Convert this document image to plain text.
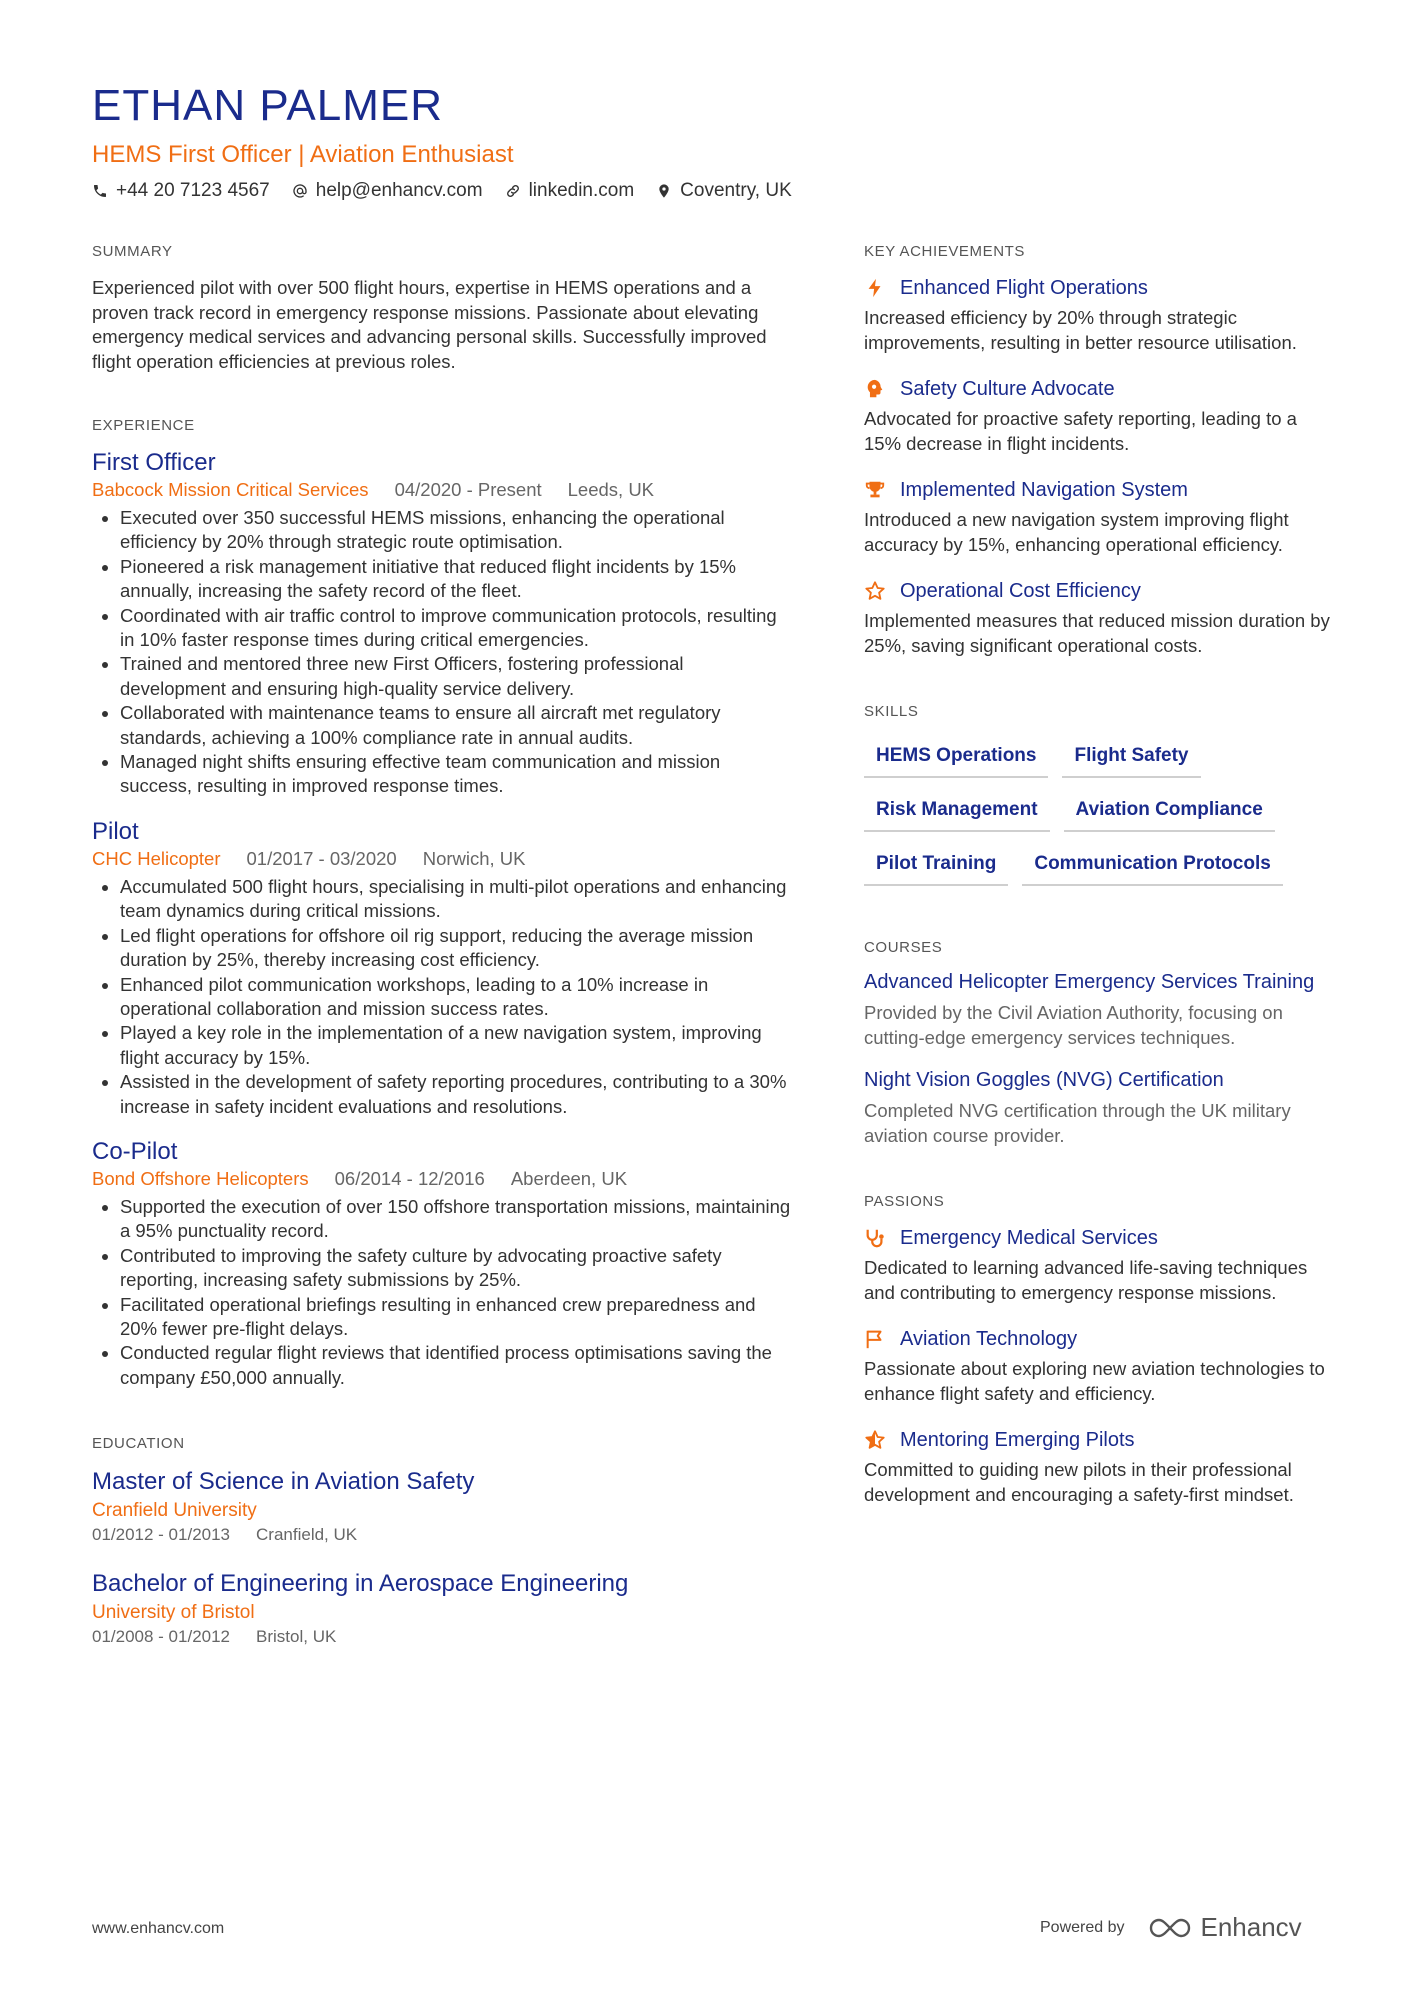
ETHAN PALMER
HEMS First Officer | Aviation Enthusiast
+44 20 7123 4567 help@enhancv.com linkedin.com Coventry, UK
SUMMARY
Experienced pilot with over 500 flight hours, expertise in HEMS operations and a proven track record in emergency response missions. Passionate about elevating emergency medical services and advancing personal skills. Successfully improved flight operation efficiencies at previous roles.
EXPERIENCE
First Officer
Babcock Mission Critical Services 04/2020 - Present Leeds, UK
• Executed over 350 successful HEMS missions, enhancing the operational efficiency by 20% through strategic route optimisation.
• Pioneered a risk management initiative that reduced flight incidents by 15% annually, increasing the safety record of the fleet.
• Coordinated with air traffic control to improve communication protocols, resulting in 10% faster response times during critical emergencies.
• Trained and mentored three new First Officers, fostering professional development and ensuring high-quality service delivery.
• Collaborated with maintenance teams to ensure all aircraft met regulatory standards, achieving a 100% compliance rate in annual audits.
• Managed night shifts ensuring effective team communication and mission success, resulting in improved response times.
Pilot
CHC Helicopter 01/2017 - 03/2020 Norwich, UK
• Accumulated 500 flight hours, specialising in multi-pilot operations and enhancing team dynamics during critical missions.
• Led flight operations for offshore oil rig support, reducing the average mission duration by 25%, thereby increasing cost efficiency.
• Enhanced pilot communication workshops, leading to a 10% increase in operational collaboration and mission success rates.
• Played a key role in the implementation of a new navigation system, improving flight accuracy by 15%.
• Assisted in the development of safety reporting procedures, contributing to a 30% increase in safety incident evaluations and resolutions.
Co-Pilot
Bond Offshore Helicopters 06/2014 - 12/2016 Aberdeen, UK
• Supported the execution of over 150 offshore transportation missions, maintaining a 95% punctuality record.
• Contributed to improving the safety culture by advocating proactive safety reporting, increasing safety submissions by 25%.
• Facilitated operational briefings resulting in enhanced crew preparedness and 20% fewer pre-flight delays.
• Conducted regular flight reviews that identified process optimisations saving the company £50,000 annually.
EDUCATION
Master of Science in Aviation Safety
Cranfield University
01/2012 - 01/2013 Cranfield, UK
Bachelor of Engineering in Aerospace Engineering
University of Bristol
01/2008 - 01/2012 Bristol, UK
KEY ACHIEVEMENTS
Enhanced Flight Operations
Increased efficiency by 20% through strategic improvements, resulting in better resource utilisation.
Safety Culture Advocate
Advocated for proactive safety reporting, leading to a 15% decrease in flight incidents.
Implemented Navigation System
Introduced a new navigation system improving flight accuracy by 15%, enhancing operational efficiency.
Operational Cost Efficiency
Implemented measures that reduced mission duration by 25%, saving significant operational costs.
SKILLS
HEMS Operations	Flight Safety
Risk Management	Aviation Compliance
Pilot Training	Communication Protocols
COURSES
Advanced Helicopter Emergency Services Training
Provided by the Civil Aviation Authority, focusing on cutting-edge emergency services techniques.
Night Vision Goggles (NVG) Certification
Completed NVG certification through the UK military aviation course provider.
PASSIONS
Emergency Medical Services
Dedicated to learning advanced life-saving techniques and contributing to emergency response missions.
Aviation Technology
Passionate about exploring new aviation technologies to enhance flight safety and efficiency.
Mentoring Emerging Pilots
Committed to guiding new pilots in their professional development and encouraging a safety-first mindset.
www.enhancv.com	Powered by	Enhancv
